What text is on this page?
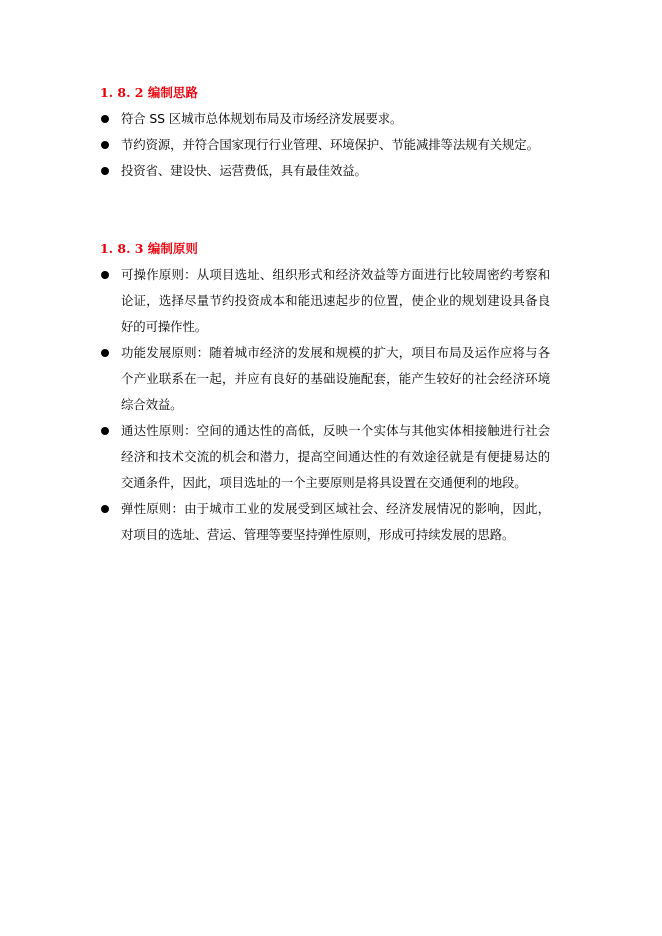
1. 8. 2 编制思路
符合 SS 区城市总体规划布局及市场经济发展要求。
节约资源，并符合国家现行行业管理、环境保护、节能减排等法规有关规定。
投资省、建设快、运营费低，具有最佳效益。
1. 8. 3 编制原则
可操作原则：从项目选址、组织形式和经济效益等方面进行比较周密约考察和论证，选择尽量节约投资成本和能迅速起步的位置，使企业的规划建设具备良好的可操作性。
功能发展原则：随着城市经济的发展和规模的扩大，项目布局及运作应将与各个产业联系在一起，并应有良好的基础设施配套，能产生较好的社会经济环境综合效益。
通达性原则：空间的通达性的高低，反映一个实体与其他实体相接触进行社会经济和技术交流的机会和潜力，提高空间通达性的有效途径就是有便捷易达的交通条件，因此，项目选址的一个主要原则是将具设置在交通便利的地段。
弹性原则：由于城市工业的发展受到区域社会、经济发展情况的影响，因此，对项目的选址、营运、管理等要坚持弹性原则，形成可持续发展的思路。
